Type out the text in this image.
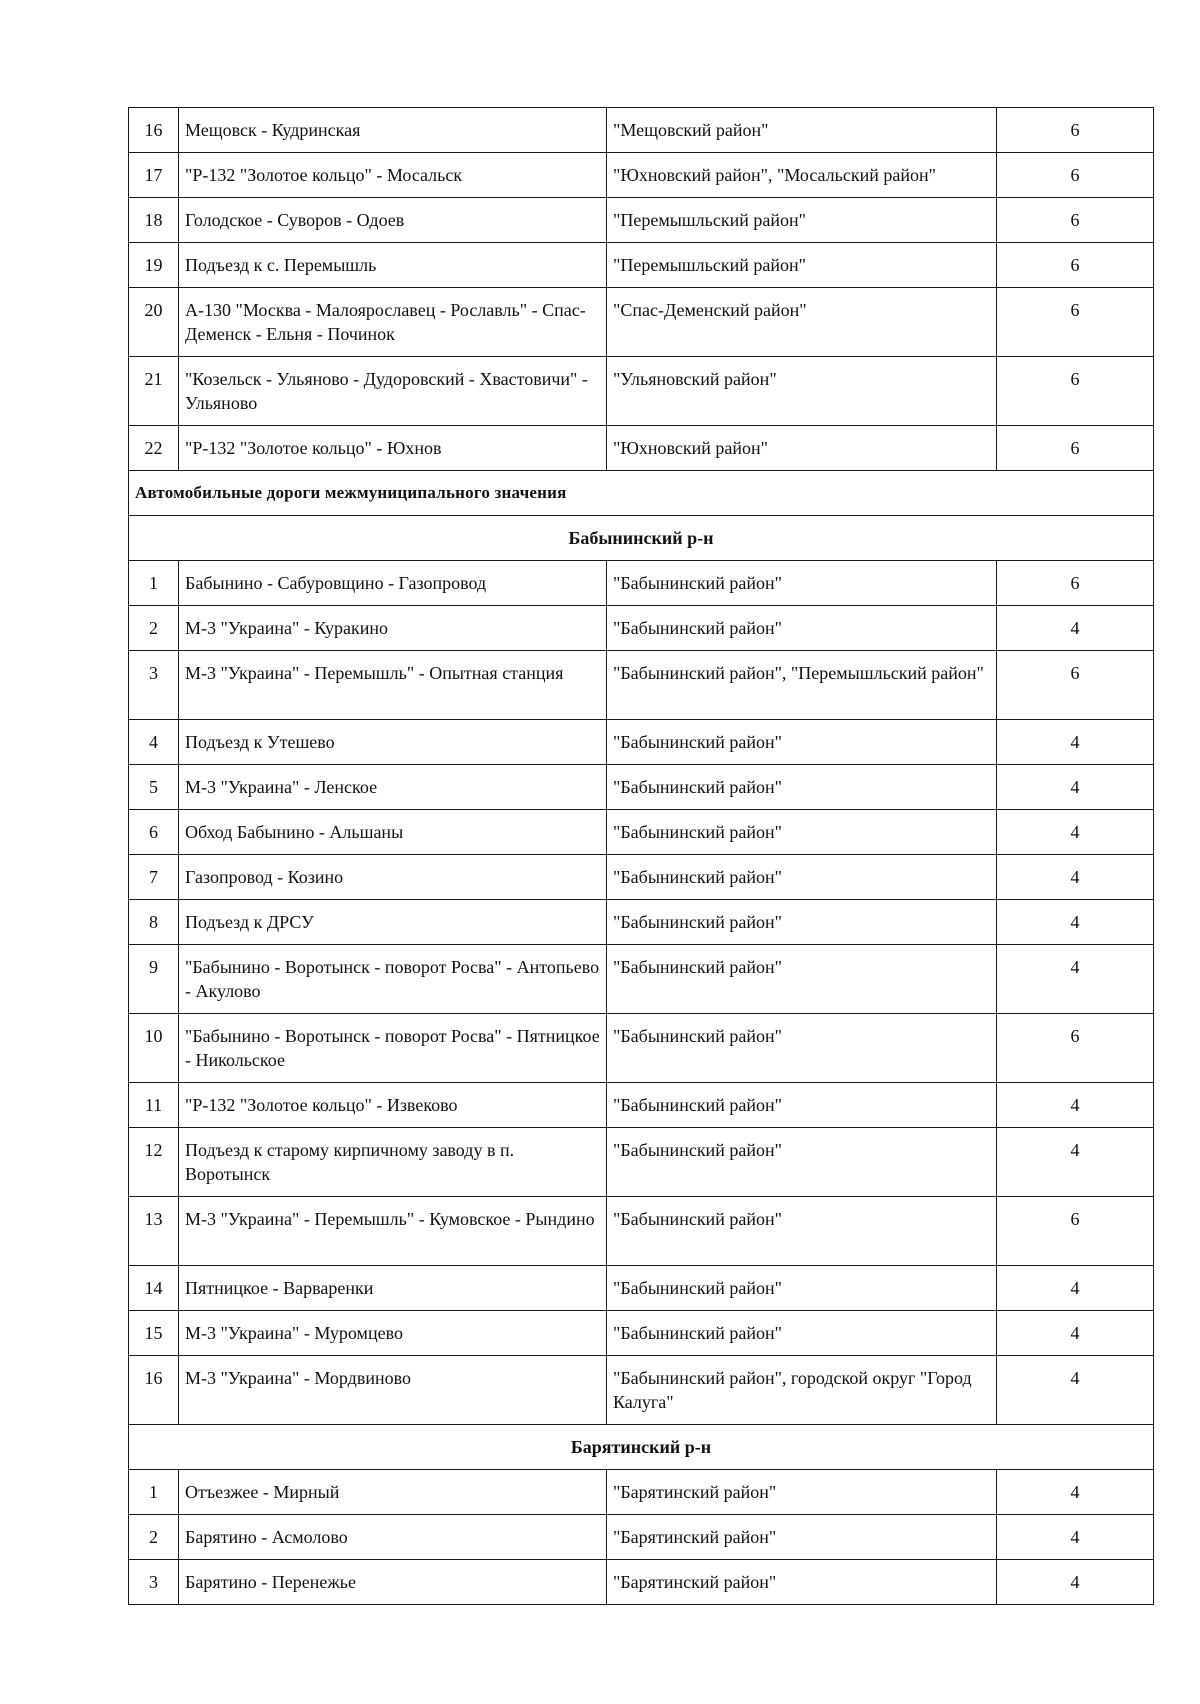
16	Мещовск - Кудринская	"Мещовский район"	6
17	"Р-132 "Золотое кольцо" - Мосальск	"Юхновский район", "Мосальский район"	6
18	Голодское - Суворов - Одоев	"Перемышльский район"	6
19	Подъезд к с. Перемышль	"Перемышльский район"	6
20	А-130 "Москва - Малоярославец - Рославль" - Спас-Деменск - Ельня - Починок	"Спас-Деменский район"	6
21	"Козельск - Ульяново - Дудоровский - Хвастовичи" - Ульяново	"Ульяновский район"	6
22	"Р-132 "Золотое кольцо" - Юхнов	"Юхновский район"	6
Автомобильные дороги межмуниципального значения			
Бабынинский р-н			
1	Бабынино - Сабуровщино - Газопровод	"Бабынинский район"	6
2	М-3 "Украина" - Куракино	"Бабынинский район"	4
3	М-3 "Украина" - Перемышль" - Опытная станция	"Бабынинский район", "Перемышльский район"	6
4	Подъезд к Утешево	"Бабынинский район"	4
5	М-3 "Украина" - Ленское	"Бабынинский район"	4
6	Обход Бабынино - Альшаны	"Бабынинский район"	4
7	Газопровод - Козино	"Бабынинский район"	4
8	Подъезд к ДРСУ	"Бабынинский район"	4
9	"Бабынино - Воротынск - поворот Росва" - Антопьево - Акулово	"Бабынинский район"	4
10	"Бабынино - Воротынск - поворот Росва" - Пятницкое - Никольское	"Бабынинский район"	6
11	"Р-132 "Золотое кольцо" - Извеково	"Бабынинский район"	4
12	Подъезд к старому кирпичному заводу в п. Воротынск	"Бабынинский район"	4
13	М-3 "Украина" - Перемышль" - Кумовское - Рындино	"Бабынинский район"	6
14	Пятницкое - Варваренки	"Бабынинский район"	4
15	М-3 "Украина" - Муромцево	"Бабынинский район"	4
16	М-3 "Украина" - Мордвиново	"Бабынинский район", городской округ "Город Калуга"	4
Барятинский р-н			
1	Отъезжее - Мирный	"Барятинский район"	4
2	Барятино - Асмолово	"Барятинский район"	4
3	Барятино - Перенежье	"Барятинский район"	4
